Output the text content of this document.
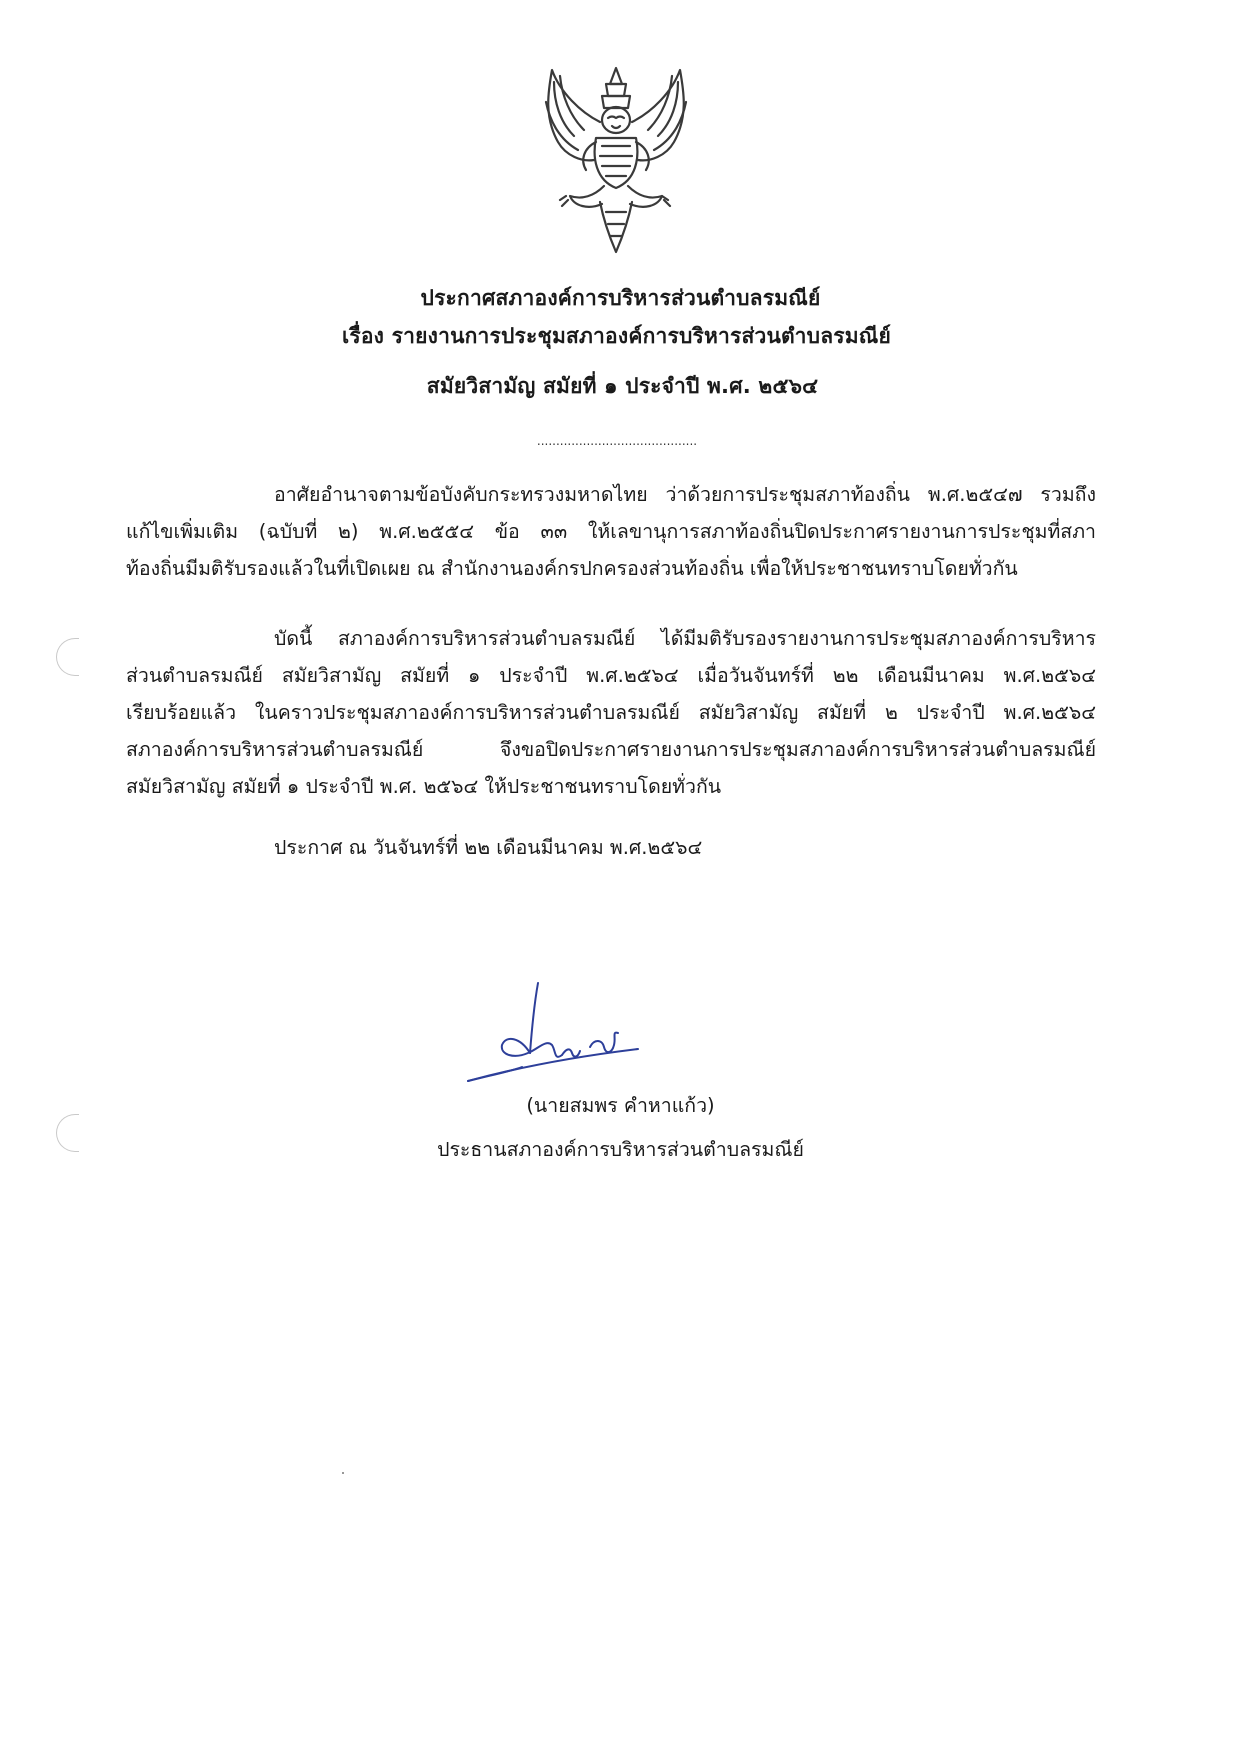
ประกาศสภาองค์การบริหารส่วนตำบลรมณีย์
เรื่อง รายงานการประชุมสภาองค์การบริหารส่วนตำบลรมณีย์
สมัยวิสามัญ สมัยที่ ๑ ประจำปี พ.ศ. ๒๕๖๔
..........................................
อาศัยอำนาจตามข้อบังคับกระทรวงมหาดไทย ว่าด้วยการประชุมสภาท้องถิ่น พ.ศ.๒๕๔๗ รวมถึง
แก้ไขเพิ่มเติม (ฉบับที่ ๒) พ.ศ.๒๕๕๔ ข้อ ๓๓ ให้เลขานุการสภาท้องถิ่นปิดประกาศรายงานการประชุมที่สภา
ท้องถิ่นมีมติรับรองแล้วในที่เปิดเผย ณ สำนักงานองค์กรปกครองส่วนท้องถิ่น เพื่อให้ประชาชนทราบโดยทั่วกัน
บัดนี้ สภาองค์การบริหารส่วนตำบลรมณีย์ ได้มีมติรับรองรายงานการประชุมสภาองค์การบริหาร
ส่วนตำบลรมณีย์ สมัยวิสามัญ สมัยที่ ๑ ประจำปี พ.ศ.๒๕๖๔ เมื่อวันจันทร์ที่ ๒๒ เดือนมีนาคม พ.ศ.๒๕๖๔
เรียบร้อยแล้ว ในคราวประชุมสภาองค์การบริหารส่วนตำบลรมณีย์ สมัยวิสามัญ สมัยที่ ๒ ประจำปี พ.ศ.๒๕๖๔
สภาองค์การบริหารส่วนตำบลรมณีย์ จึงขอปิดประกาศรายงานการประชุมสภาองค์การบริหารส่วนตำบลรมณีย์
สมัยวิสามัญ สมัยที่ ๑ ประจำปี พ.ศ. ๒๕๖๔ ให้ประชาชนทราบโดยทั่วกัน
ประกาศ ณ วันจันทร์ที่ ๒๒ เดือนมีนาคม พ.ศ.๒๕๖๔
(นายสมพร คำหาแก้ว)
ประธานสภาองค์การบริหารส่วนตำบลรมณีย์
